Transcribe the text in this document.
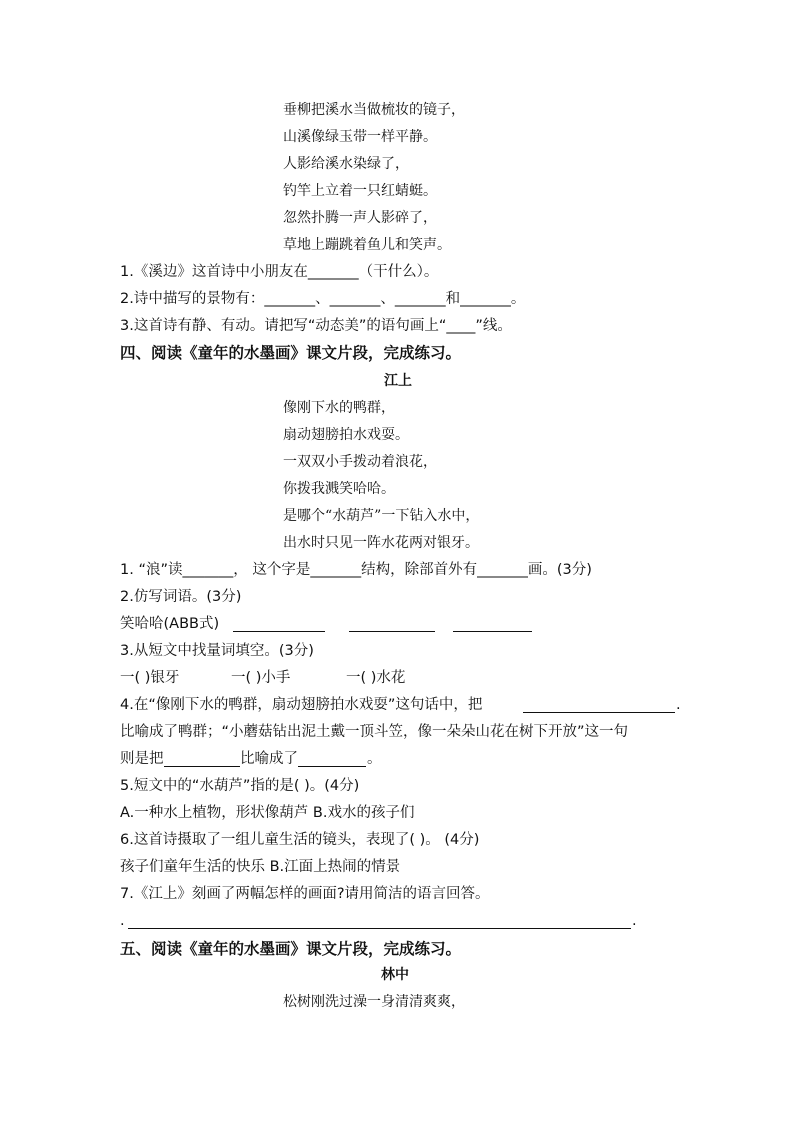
垂柳把溪水当做梳妆的镜子，
山溪像绿玉带一样平静。
人影给溪水染绿了，
钓竿上立着一只红蜻蜓。
忽然扑腾一声人影碎了，
草地上蹦跳着鱼儿和笑声。
1.《溪边》这首诗中小朋友在_______（干什么）。
2.诗中描写的景物有：_______、_______、_______和_______。
3.这首诗有静、有动。请把写“动态美”的语句画上“____”线。
四、阅读《童年的水墨画》课文片段，完成练习。
江上
像刚下水的鸭群，
扇动翅膀拍水戏耍。
一双双小手拨动着浪花，
你拨我溅笑哈哈。
是哪个“水葫芦”一下钻入水中，
出水时只见一阵水花两对银牙。
1. “浪”读_______， 这个字是_______结构，除部首外有_______画。(3分)
2.仿写词语。(3分)
笑哈哈(ABB式)
3.从短文中找量词填空。(3分)
一( )银牙	一( )小手	一( )水花
4.在“像刚下水的鸭群，扇动翅膀拍水戏耍”这句话中，把	.
比喻成了鸭群；“小蘑菇钻出泥土戴一顶斗笠，像一朵朵山花在树下开放”这一句
则是把	比喻成了	。
5.短文中的“水葫芦”指的是( )。(4分)
A.一种水上植物，形状像葫芦 B.戏水的孩子们
6.这首诗摄取了一组儿童生活的镜头，表现了( )。 (4分)
孩子们童年生活的快乐 B.江面上热闹的情景
7.《江上》刻画了两幅怎样的画面?请用简洁的语言回答。
.	.
五、阅读《童年的水墨画》课文片段，完成练习。
林中
松树刚洗过澡一身清清爽爽，
